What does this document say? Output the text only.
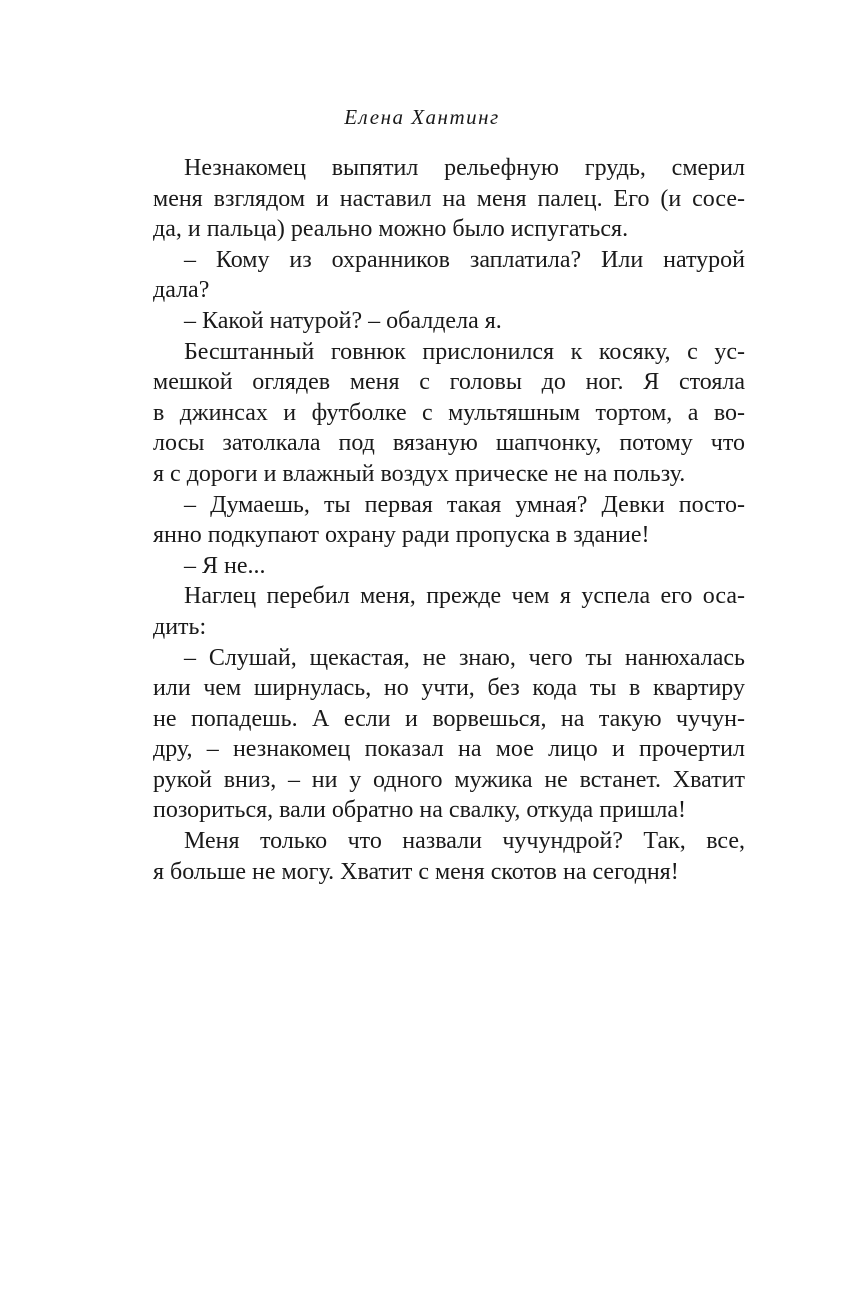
Елена Хантинг
Незнакомец выпятил рельефную грудь, смерил
меня взглядом и наставил на меня палец. Его (и сосе-
да, и пальца) реально можно было испугаться.
– Кому из охранников заплатила? Или натурой
дала?
– Какой натурой? – обалдела я.
Бесштанный говнюк прислонился к косяку, с ус-
мешкой оглядев меня с головы до ног. Я стояла
в джинсах и футболке с мультяшным тортом, а во-
лосы затолкала под вязаную шапчонку, потому что
я с дороги и влажный воздух прическе не на пользу.
– Думаешь, ты первая такая умная? Девки посто-
янно подкупают охрану ради пропуска в здание!
– Я не...
Наглец перебил меня, прежде чем я успела его оса-
дить:
– Слушай, щекастая, не знаю, чего ты нанюхалась
или чем ширнулась, но учти, без кода ты в квартиру
не попадешь. А если и ворвешься, на такую чучун-
дру, – незнакомец показал на мое лицо и прочертил
рукой вниз, – ни у одного мужика не встанет. Хватит
позориться, вали обратно на свалку, откуда пришла!
Меня только что назвали чучундрой? Так, все,
я больше не могу. Хватит с меня скотов на сегодня!
